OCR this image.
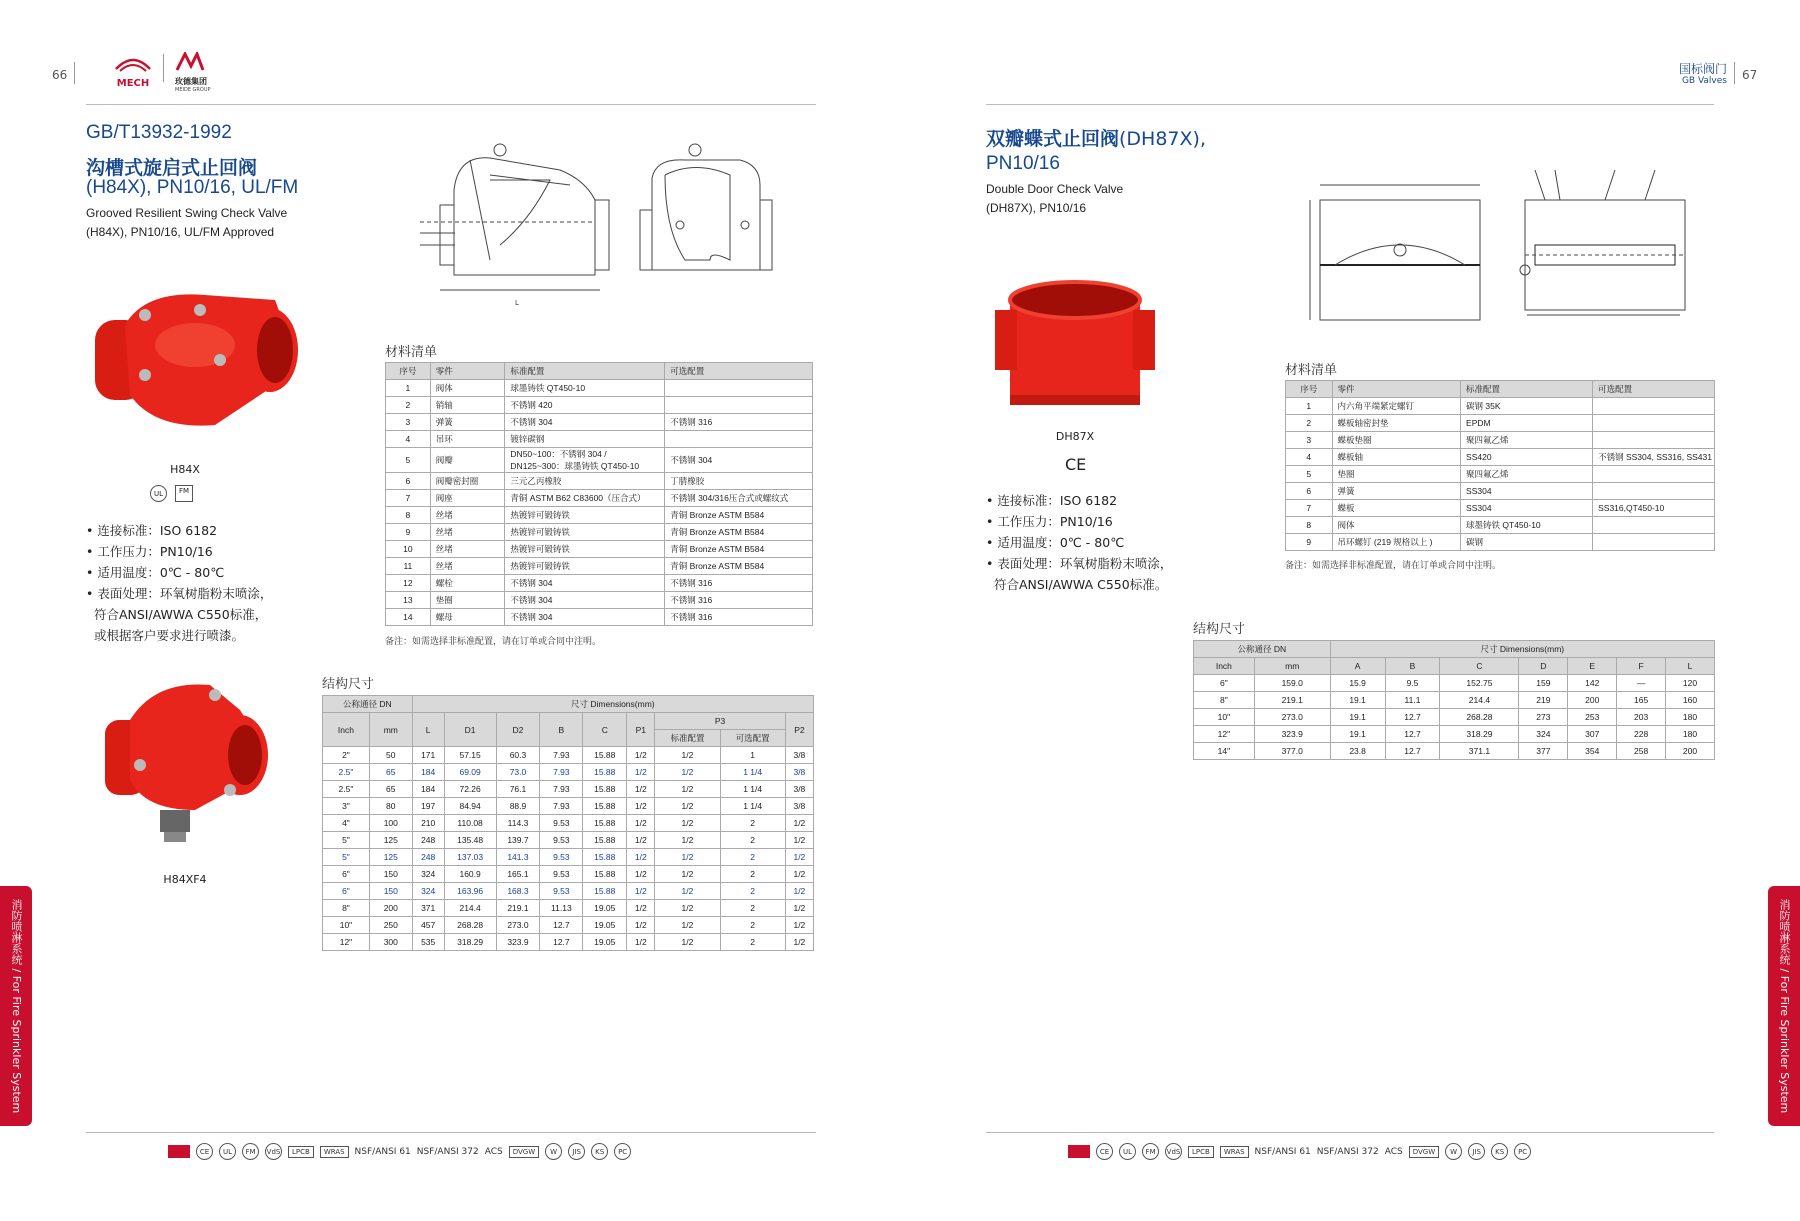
66
MECH	玫德集团
MEIDE GROUP
GB/T13932-1992
沟槽式旋启式止回阀
(H84X), PN10/16, UL/FM
Grooved Resilient Swing Check Valve
(H84X), PN10/16, UL/FM Approved
L
H84X
UL	FM
• 连接标准：ISO 6182
• 工作压力：PN10/16
• 适用温度：0℃ - 80℃
• 表面处理：环氧树脂粉末喷涂，
符合ANSI/AWWA C550标准，
或根据客户要求进行喷漆。
H84XF4
材料清单
序号	零件	标准配置	可选配置
1	阀体	球墨铸铁 QT450-10	
2	销轴	不锈钢 420	
3	弹簧	不锈钢 304	不锈钢 316
4	吊环	镀锌碳钢	
5	阀瓣	DN50~100：不锈钢 304 / DN125~300：球墨铸铁 QT450-10	不锈钢 304
6	阀瓣密封圈	三元乙丙橡胶	丁腈橡胶
7	阀座	青铜 ASTM B62 C83600（压合式）	不锈钢 304/316压合式或螺纹式
8	丝堵	热镀锌可锻铸铁	青铜 Bronze ASTM B584
9	丝堵	热镀锌可锻铸铁	青铜 Bronze ASTM B584
10	丝堵	热镀锌可锻铸铁	青铜 Bronze ASTM B584
11	丝堵	热镀锌可锻铸铁	青铜 Bronze ASTM B584
12	螺栓	不锈钢 304	不锈钢 316
13	垫圈	不锈钢 304	不锈钢 316
14	螺母	不锈钢 304	不锈钢 316
备注：如需选择非标准配置，请在订单或合同中注明。
结构尺寸
公称通径 DN		尺寸 Dimensions(mm)								
Inch	mm	L	D1	D2	B	C	P1	P3		P2
								标准配置	可选配置	
2"	50	171	57.15	60.3	7.93	15.88	1/2	1/2	1	3/8
2.5"	65	184	69.09	73.0	7.93	15.88	1/2	1/2	1 1/4	3/8
2.5"	65	184	72.26	76.1	7.93	15.88	1/2	1/2	1 1/4	3/8
3"	80	197	84.94	88.9	7.93	15.88	1/2	1/2	1 1/4	3/8
4"	100	210	110.08	114.3	9.53	15.88	1/2	1/2	2	1/2
5"	125	248	135.48	139.7	9.53	15.88	1/2	1/2	2	1/2
5"	125	248	137.03	141.3	9.53	15.88	1/2	1/2	2	1/2
6"	150	324	160.9	165.1	9.53	15.88	1/2	1/2	2	1/2
6"	150	324	163.96	168.3	9.53	15.88	1/2	1/2	2	1/2
8"	200	371	214.4	219.1	11.13	19.05	1/2	1/2	2	1/2
10"	250	457	268.28	273.0	12.7	19.05	1/2	1/2	2	1/2
12"	300	535	318.29	323.9	12.7	19.05	1/2	1/2	2	1/2
消防喷淋系统 / For Fire Sprinkler System
CE	UL	FM	VdS	LPCB	WRAS	NSF/ANSI 61 NSF/ANSI 372 ACS	DVGW	W	JIS	KS	PC
国标阀门
GB Valves 67
双瓣蝶式止回阀(DH87X),
PN10/16
Double Door Check Valve
(DH87X), PN10/16
DH87X
CE
• 连接标准：ISO 6182
• 工作压力：PN10/16
• 适用温度：0℃ - 80℃
• 表面处理：环氧树脂粉末喷涂，
符合ANSI/AWWA C550标准。
材料清单
序号	零件	标准配置	可选配置
1	内六角平端紧定螺钉	碳钢 35K	
2	蝶板轴密封垫	EPDM	
3	蝶板垫圈	聚四氟乙烯	
4	蝶板轴	SS420	不锈钢 SS304, SS316, SS431
5	垫圈	聚四氟乙烯	
6	弹簧	SS304	
7	蝶板	SS304	SS316,QT450-10
8	阀体	球墨铸铁 QT450-10	
9	吊环螺钉 (219 规格以上 )	碳钢	
备注：如需选择非标准配置，请在订单或合同中注明。
结构尺寸
公称通径 DN		尺寸 Dimensions(mm)						
Inch	mm	A	B	C	D	E	F	L
6"	159.0	15.9	9.5	152.75	159	142	—	120
8"	219.1	19.1	11.1	214.4	219	200	165	160
10"	273.0	19.1	12.7	268.28	273	253	203	180
12"	323.9	19.1	12.7	318.29	324	307	228	180
14"	377.0	23.8	12.7	371.1	377	354	258	200
消防喷淋系统 / For Fire Sprinkler System
CE	UL	FM	VdS	LPCB	WRAS	NSF/ANSI 61 NSF/ANSI 372 ACS	DVGW	W	JIS	KS	PC
